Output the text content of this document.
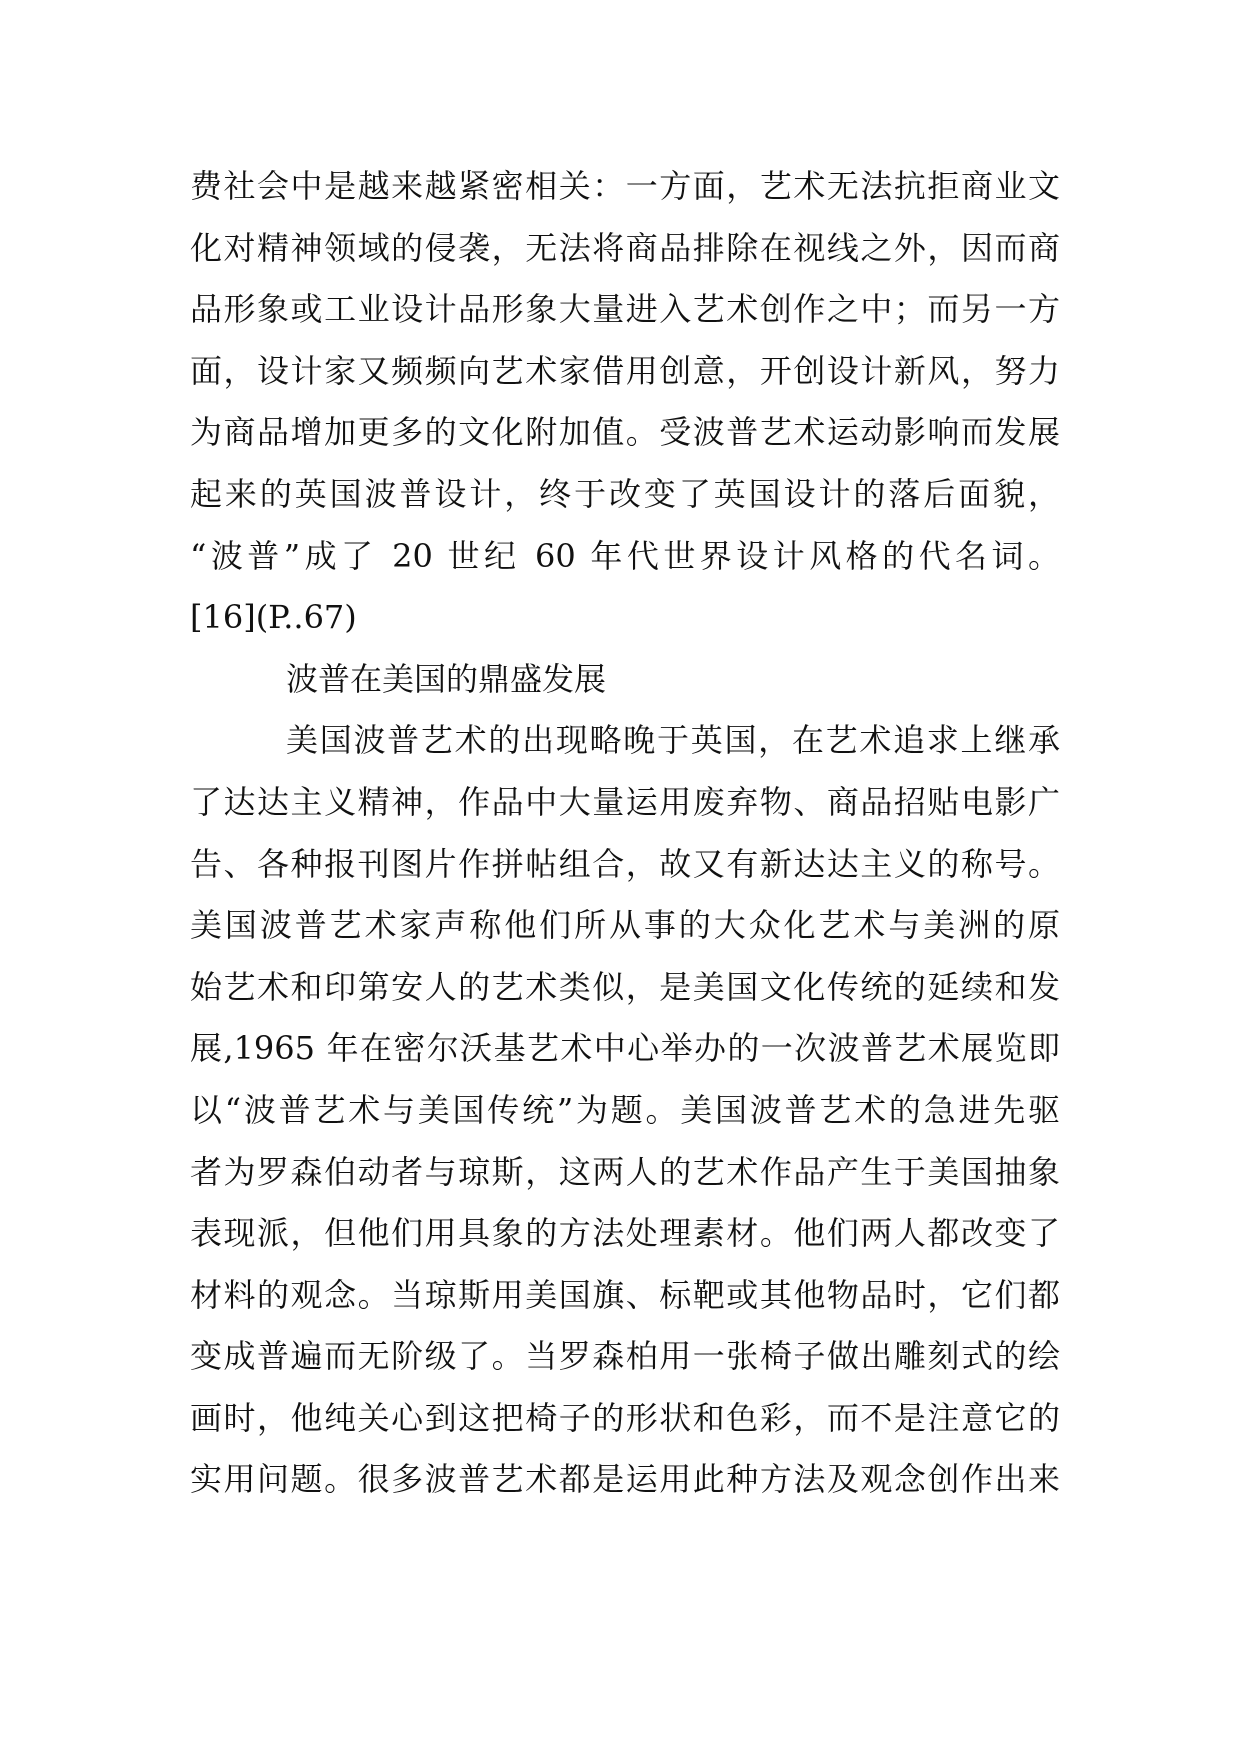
费社会中是越来越紧密相关：一方面，艺术无法抗拒商业文
化对精神领域的侵袭，无法将商品排除在视线之外，因而商
品形象或工业设计品形象大量进入艺术创作之中；而另一方
面，设计家又频频向艺术家借用创意，开创设计新风，努力
为商品增加更多的文化附加值。受波普艺术运动影响而发展
起来的英国波普设计，终于改变了英国设计的落后面貌，
“波普”成了 20 世纪 60 年代世界设计风格的代名词。
[16](P..67)
波普在美国的鼎盛发展
美国波普艺术的出现略晚于英国，在艺术追求上继承
了达达主义精神，作品中大量运用废弃物、商品招贴电影广
告、各种报刊图片作拼帖组合，故又有新达达主义的称号。
美国波普艺术家声称他们所从事的大众化艺术与美洲的原
始艺术和印第安人的艺术类似，是美国文化传统的延续和发
展,1965 年在密尔沃基艺术中心举办的一次波普艺术展览即
以“波普艺术与美国传统”为题。美国波普艺术的急进先驱
者为罗森伯动者与琼斯，这两人的艺术作品产生于美国抽象
表现派，但他们用具象的方法处理素材。他们两人都改变了
材料的观念。当琼斯用美国旗、标靶或其他物品时，它们都
变成普遍而无阶级了。当罗森柏用一张椅子做出雕刻式的绘
画时，他纯关心到这把椅子的形状和色彩，而不是注意它的
实用问题。很多波普艺术都是运用此种方法及观念创作出来
